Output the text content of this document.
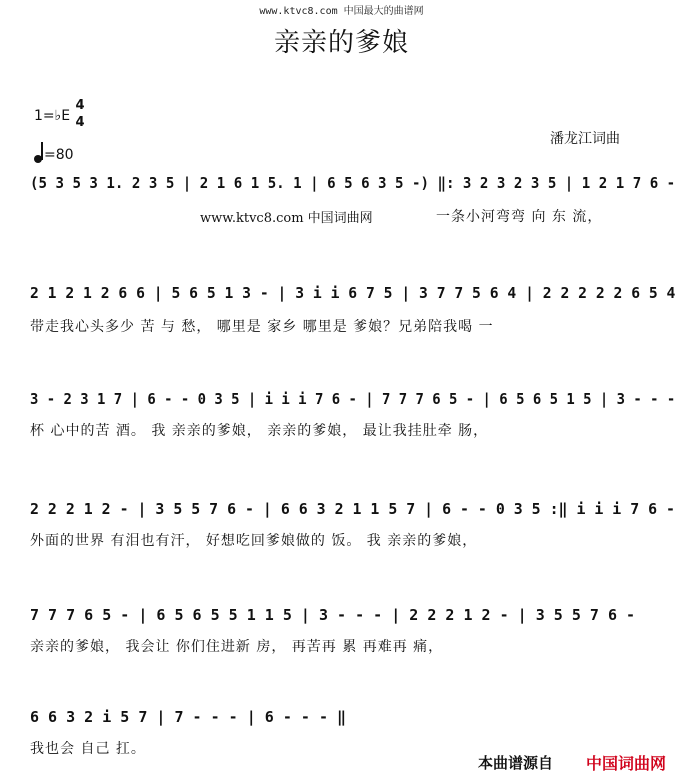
www.ktvc8.com 中国最大的曲谱网
亲亲的爹娘
1=♭E
4
4
=80
潘龙江词曲
(5 3 5 3 1. 2 3 5 | 2 1 6 1 5. 1 | 6 5 6 3 5 -) ‖: 3 2 3 2 3 5 | 1 2 1 7 6 -
www.ktvc8.com 中国词曲网	一条小河弯弯 向 东 流，
2 1 2 1 2 6 6 | 5 6 5 1 3 - | 3 i i 6 7 5 | 3 7 7 5 6 4 | 2 2 2 2 2 6 5 4
带走我心头多少 苦 与 愁， 哪里是 家乡 哪里是 爹娘？兄弟陪我喝 一
3 - 2 3 1 7 | 6 - - 0 3 5 | i i i 7 6 - | 7 7 7 6 5 - | 6 5 6 5 1 5 | 3 - - -
杯 心中的苦 酒。 我 亲亲的爹娘， 亲亲的爹娘， 最让我挂肚牵 肠，
2 2 2 1 2 - | 3 5 5 7 6 - | 6 6 3 2 1 1 5 7 | 6 - - 0 3 5 :‖ i i i 7 6 -
外面的世界 有泪也有汗， 好想吃回爹娘做的 饭。 我 亲亲的爹娘，
7 7 7 6 5 - | 6 5 6 5 5 1 1 5 | 3 - - - | 2 2 2 1 2 - | 3 5 5 7 6 -
亲亲的爹娘， 我会让 你们住进新 房， 再苦再 累 再难再 痛，
6 6 3 2 i 5 7 | 7 - - - | 6 - - - ‖
我也会 自己 扛。
本曲谱源自 中国词曲网
